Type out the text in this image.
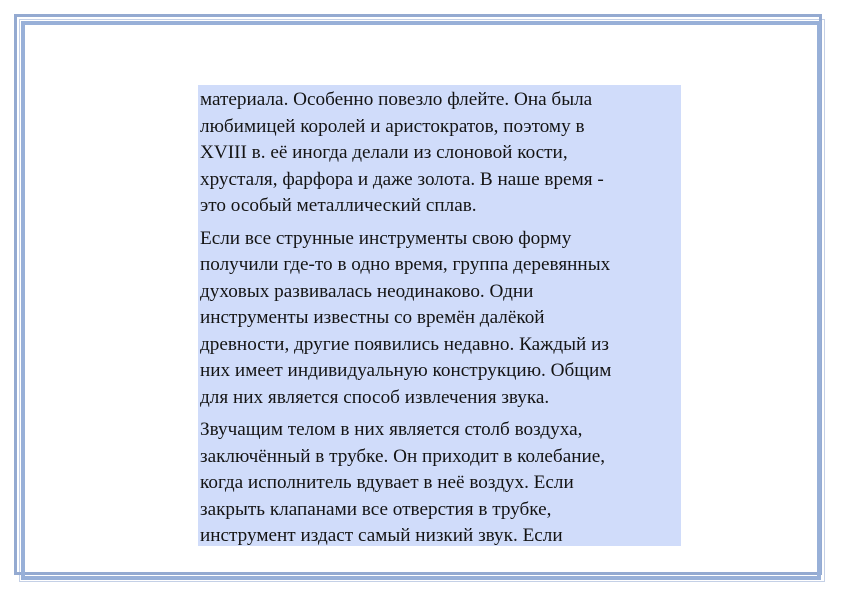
материала. Особенно повезло флейте. Она была
любимицей королей и аристократов, поэтому в
XVIII в. её иногда делали из слоновой кости,
хрусталя, фарфора и даже золота. В наше время -
это особый металлический сплав.

Если все струнные инструменты свою форму
получили где-то в одно время, группа деревянных
духовых развивалась неодинаково. Одни
инструменты известны со времён далёкой
древности, другие появились недавно. Каждый из
них имеет индивидуальную конструкцию. Общим
для них является способ извлечения звука.

Звучащим телом в них является столб воздуха,
заключённый в трубке. Он приходит в колебание,
когда исполнитель вдувает в неё воздух. Если
закрыть клапанами все отверстия в трубке,
инструмент издаст самый низкий звук. Если
